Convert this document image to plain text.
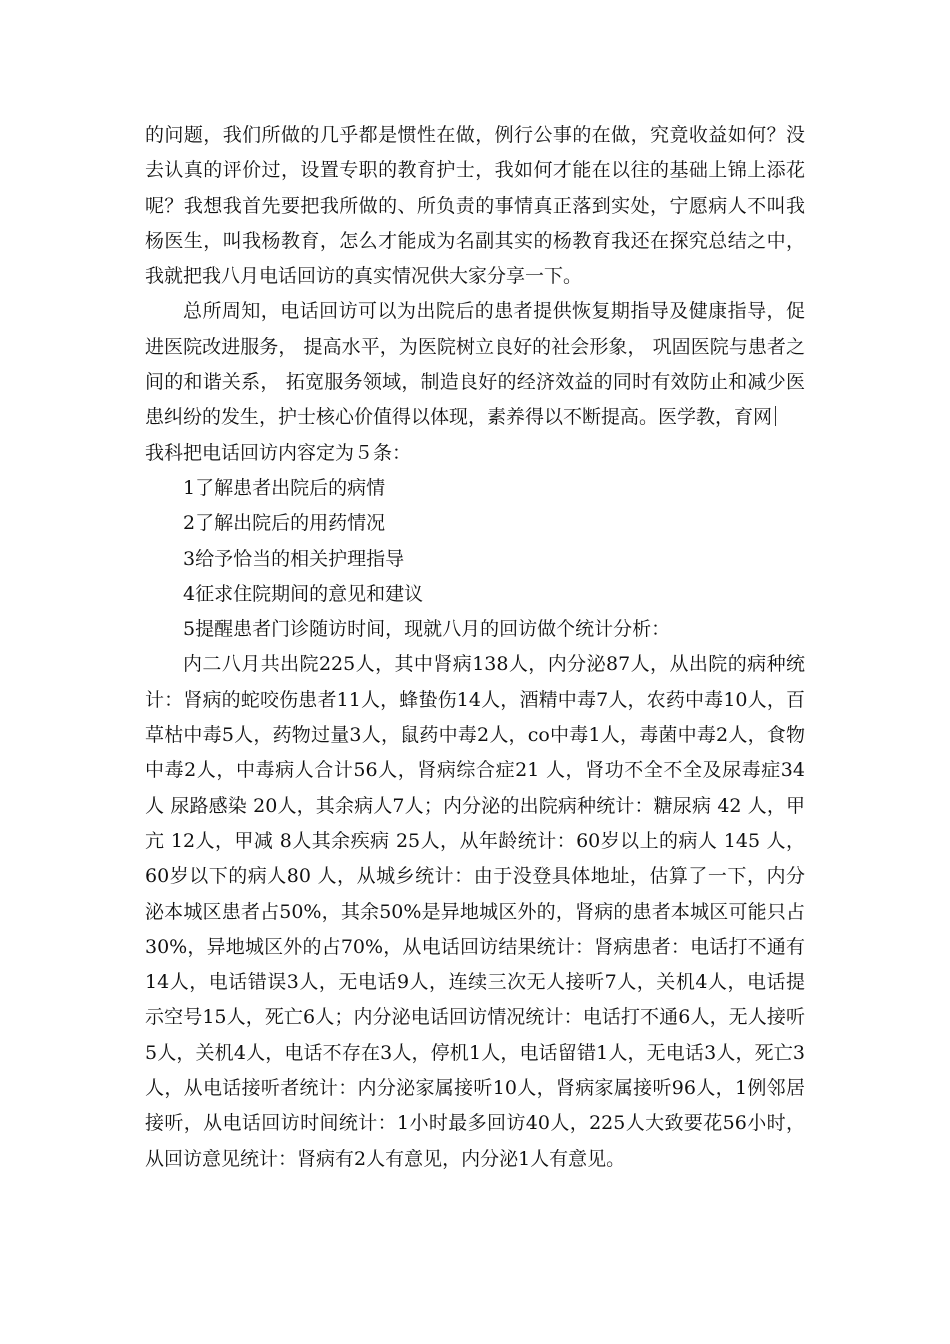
的问题，我们所做的几乎都是惯性在做，例行公事的在做，究竟收益如何？没去认真的评价过，设置专职的教育护士，我如何才能在以往的基础上锦上添花呢？我想我首先要把我所做的、所负责的事情真正落到实处，宁愿病人不叫我杨医生，叫我杨教育，怎么才能成为名副其实的杨教育我还在探究总结之中，我就把我八月电话回访的真实情况供大家分享一下。

总所周知，电话回访可以为出院后的患者提供恢复期指导及健康指导，促进医院改进服务， 提高水平，为医院树立良好的社会形象， 巩固医院与患者之间的和谐关系， 拓宽服务领域，制造良好的经济效益的同时有效防止和减少医患纠纷的发生，护士核心价值得以体现，素养得以不断提高。医学教，育网

我科把电话回访内容定为５条：

1了解患者出院后的病情

2了解出院后的用药情况

3给予恰当的相关护理指导

4征求住院期间的意见和建议

5提醒患者门诊随访时间，现就八月的回访做个统计分析：

内二八月共出院225人，其中肾病138人，内分泌87人，从出院的病种统计：肾病的蛇咬伤患者11人，蜂蛰伤14人，酒精中毒7人，农药中毒10人，百草枯中毒5人，药物过量3人，鼠药中毒2人，co中毒1人，毒菌中毒2人，食物中毒2人，中毒病人合计56人，肾病综合症21 人，肾功不全不全及尿毒症34 人 尿路感染 20人，其余病人7人；内分泌的出院病种统计：糖尿病 42 人，甲亢 12人，甲减 8人其余疾病 25人，从年龄统计：60岁以上的病人 145 人，60岁以下的病人80 人，从城乡统计：由于没登具体地址，估算了一下，内分泌本城区患者占50%，其余50%是异地城区外的，肾病的患者本城区可能只占30%，异地城区外的占70%，从电话回访结果统计：肾病患者：电话打不通有14人，电话错误3人，无电话9人，连续三次无人接听7人，关机4人，电话提示空号15人，死亡6人；内分泌电话回访情况统计：电话打不通6人，无人接听5人，关机4人，电话不存在3人，停机1人，电话留错1人，无电话3人，死亡3人，从电话接听者统计：内分泌家属接听10人，肾病家属接听96人，1例邻居接听，从电话回访时间统计：1小时最多回访40人，225人大致要花56小时，从回访意见统计：肾病有2人有意见，内分泌1人有意见。
